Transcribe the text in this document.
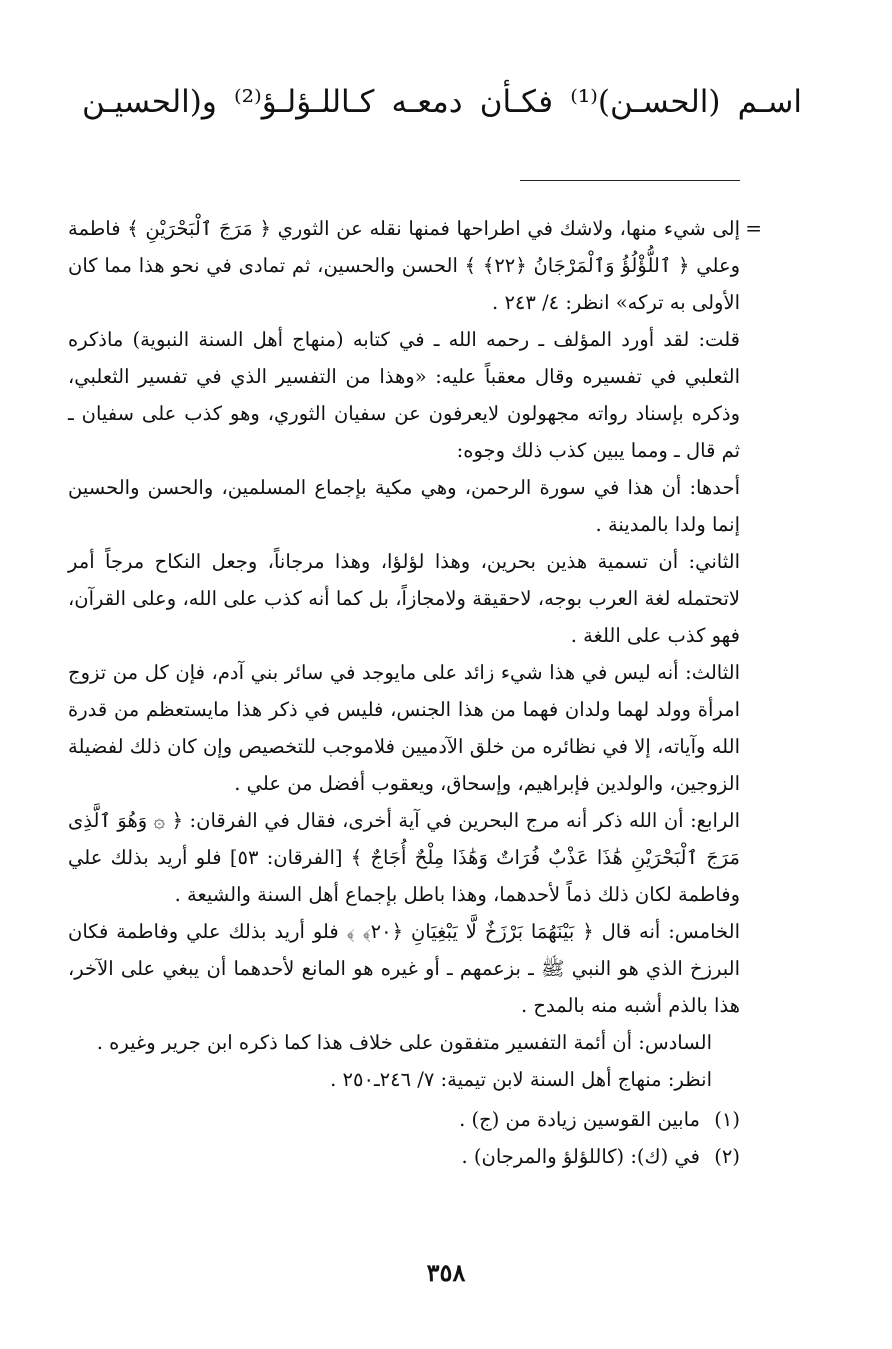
اسـم (الحسـن)⁽¹⁾ فكـأن دمعـه كـاللـؤلـؤ⁽²⁾ و(الحسيـن
=

إلى شيء منها، ولاشك في اطراحها فمنها نقله عن الثوري ﴿ مَرَجَ ٱلْبَحْرَيْنِ ﴾ فاطمة وعلي ﴿ ٱللُّؤْلُؤُ وَٱلْمَرْجَانُ ﴿٢٢﴾ ﴾ الحسن والحسين، ثم تمادى في نحو هذا مما كان الأولى به تركه» انظر: ٤/ ٢٤٣ .

قلت: لقد أورد المؤلف ـ رحمه الله ـ في كتابه (منهاج أهل السنة النبوية) ماذكره الثعلبي في تفسيره وقال معقباً عليه: «وهذا من التفسير الذي في تفسير الثعلبي، وذكره بإسناد رواته مجهولون لايعرفون عن سفيان الثوري، وهو كذب على سفيان ـ ثم قال ـ ومما يبين كذب ذلك وجوه:

أحدها: أن هذا في سورة الرحمن، وهي مكية بإجماع المسلمين، والحسن والحسين إنما ولدا بالمدينة .

الثاني: أن تسمية هذين بحرين، وهذا لؤلؤا، وهذا مرجاناً، وجعل النكاح مرجاً أمر لاتحتمله لغة العرب بوجه، لاحقيقة ولامجازاً، بل كما أنه كذب على الله، وعلى القرآن، فهو كذب على اللغة .

الثالث: أنه ليس في هذا شيء زائد على مايوجد في سائر بني آدم، فإن كل من تزوج امرأة وولد لهما ولدان فهما من هذا الجنس، فليس في ذكر هذا مايستعظم من قدرة الله وآياته، إلا في نظائره من خلق الآدميين فلاموجب للتخصيص وإن كان ذلك لفضيلة الزوجين، والولدين فإبراهيم، وإسحاق، ويعقوب أفضل من علي .

الرابع: أن الله ذكر أنه مرج البحرين في آية أخرى، فقال في الفرقان: ﴿ ۞ وَهُوَ ٱلَّذِى مَرَجَ ٱلْبَحْرَيْنِ هَٰذَا عَذْبٌ فُرَاتٌ وَهَٰذَا مِلْحٌ أُجَاجٌ ﴾ [الفرقان: ٥٣] فلو أريد بذلك علي وفاطمة لكان ذلك ذماً لأحدهما، وهذا باطل بإجماع أهل السنة والشيعة .

الخامس: أنه قال ﴿ بَيْنَهُمَا بَرْزَخٌ لَّا يَبْغِيَانِ ﴿٢٠﴾ ﴾ فلو أريد بذلك علي وفاطمة فكان البرزخ الذي هو النبي ﷺ ـ بزعمهم ـ أو غيره هو المانع لأحدهما أن يبغي على الآخر، هذا بالذم أشبه منه بالمدح .

السادس: أن أئمة التفسير متفقون على خلاف هذا كما ذكره ابن جرير وغيره .

انظر: منهاج أهل السنة لابن تيمية: ٧/ ٢٤٦ـ٢٥٠ .

(١)
مابين القوسين زيادة من (ج) .
(٢)
في (ك): (كاللؤلؤ والمرجان) .
٣٥٨
